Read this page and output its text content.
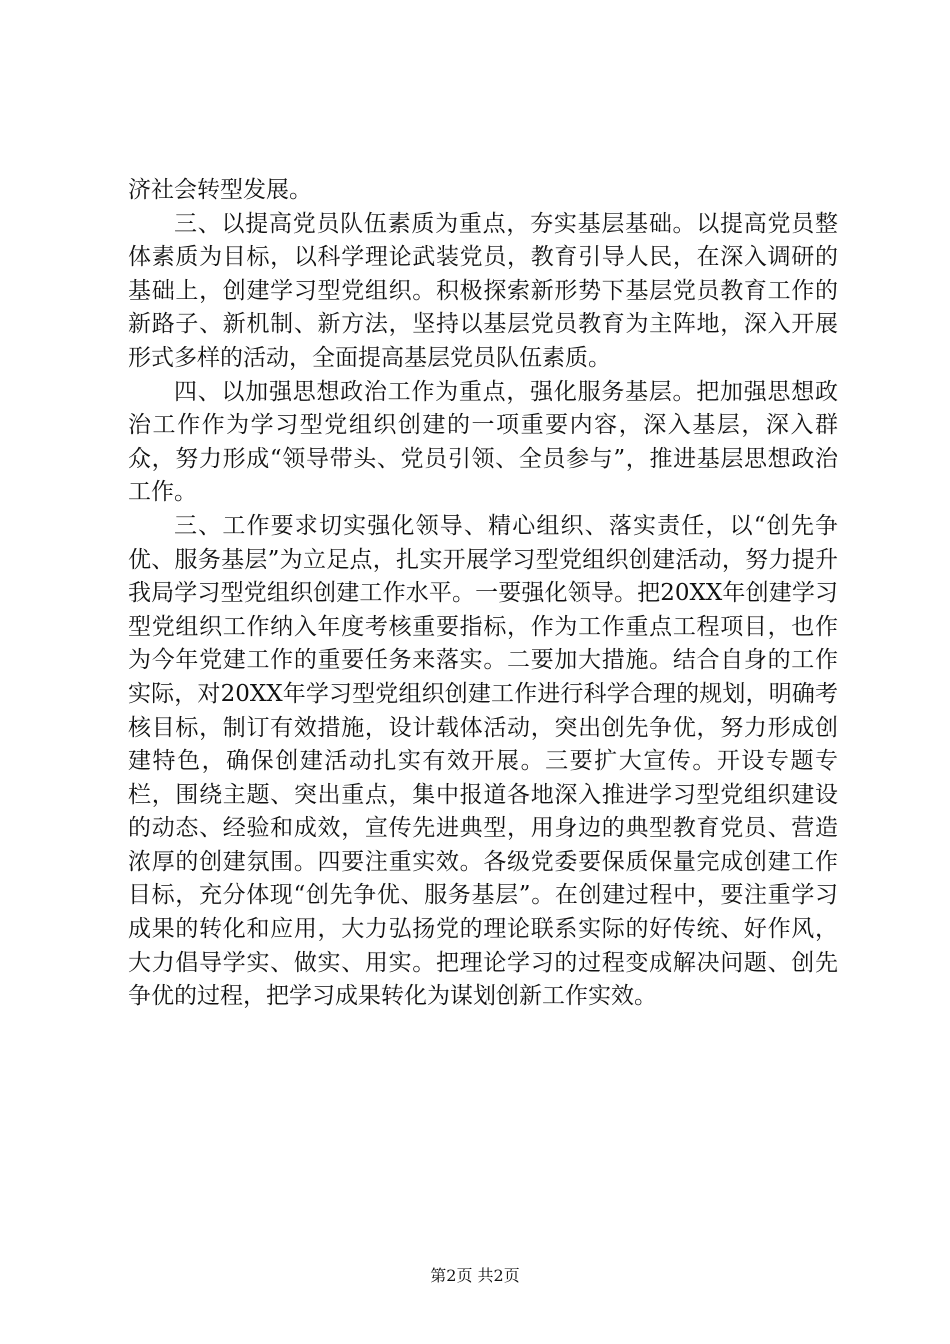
济社会转型发展。

三、以提高党员队伍素质为重点，夯实基层基础。以提高党员整体素质为目标，以科学理论武装党员，教育引导人民，在深入调研的基础上，创建学习型党组织。积极探索新形势下基层党员教育工作的新路子、新机制、新方法，坚持以基层党员教育为主阵地，深入开展形式多样的活动，全面提高基层党员队伍素质。

四、以加强思想政治工作为重点，强化服务基层。把加强思想政治工作作为学习型党组织创建的一项重要内容，深入基层，深入群众，努力形成“领导带头、党员引领、全员参与”，推进基层思想政治工作。

三、工作要求切实强化领导、精心组织、落实责任，以“创先争优、服务基层”为立足点，扎实开展学习型党组织创建活动，努力提升我局学习型党组织创建工作水平。一要强化领导。把20XX年创建学习型党组织工作纳入年度考核重要指标，作为工作重点工程项目，也作为今年党建工作的重要任务来落实。二要加大措施。结合自身的工作实际，对20XX年学习型党组织创建工作进行科学合理的规划，明确考核目标，制订有效措施，设计载体活动，突出创先争优，努力形成创建特色，确保创建活动扎实有效开展。三要扩大宣传。开设专题专栏，围绕主题、突出重点，集中报道各地深入推进学习型党组织建设的动态、经验和成效，宣传先进典型，用身边的典型教育党员、营造浓厚的创建氛围。四要注重实效。各级党委要保质保量完成创建工作目标，充分体现“创先争优、服务基层”。在创建过程中，要注重学习成果的转化和应用，大力弘扬党的理论联系实际的好传统、好作风，大力倡导学实、做实、用实。把理论学习的过程变成解决问题、创先争优的过程，把学习成果转化为谋划创新工作实效。

第2页 共2页
